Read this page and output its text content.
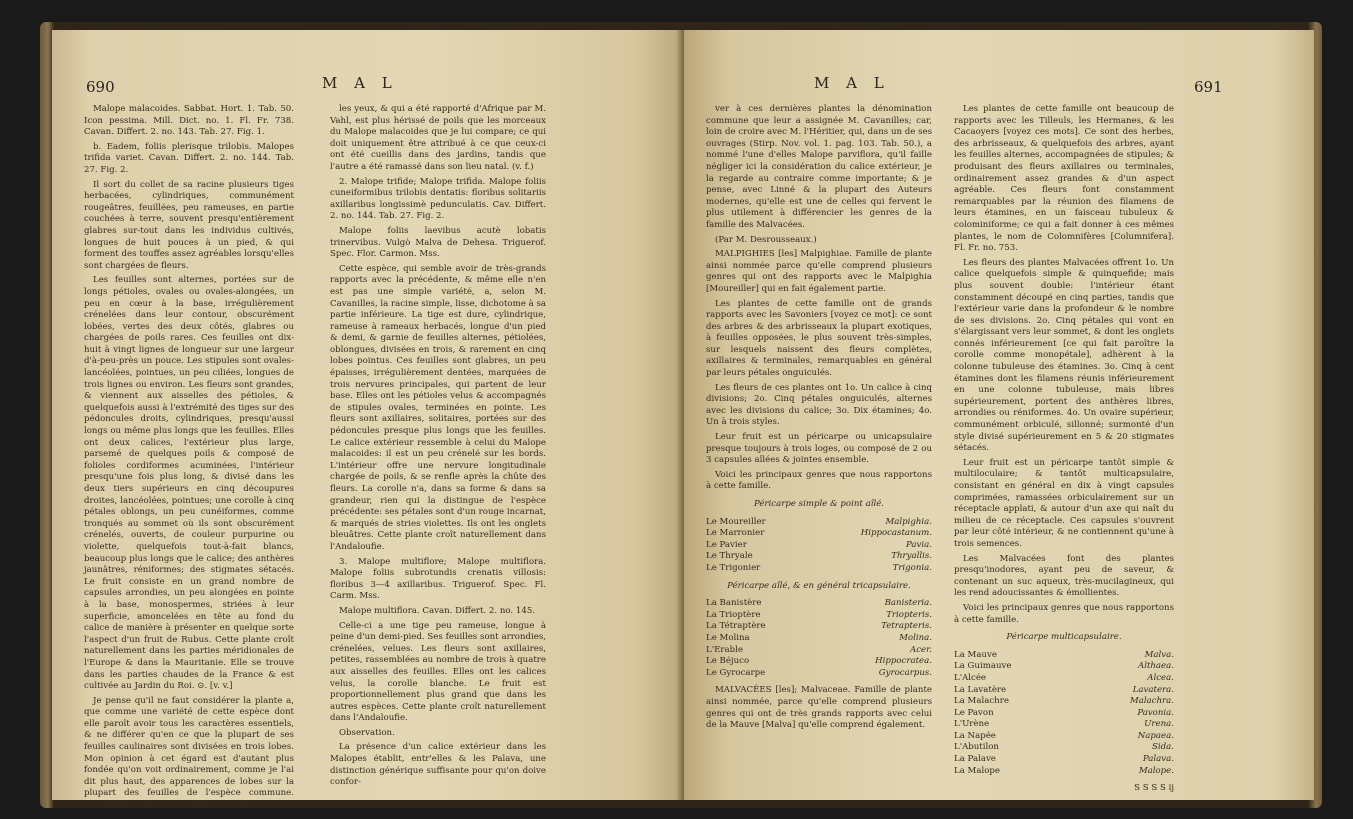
690	M A L

Malope malacoides. Sabbat. Hort. 1. Tab. 50. Icon pessima. Mill. Dict. no. 1. Fl. Fr. 738. Cavan. Differt. 2. no. 143. Tab. 27. Fig. 1.

b. Eadem, foliis plerisque trilobis. Malopes trifida variet. Cavan. Differt. 2. no. 144. Tab. 27. Fig. 2.

Il sort du collet de sa racine plusieurs tiges herbacées, cylindriques, communément rougeâtres, feuillées, peu rameuses, en partie couchées à terre, souvent presqu'entièrement glabres sur-tout dans les individus cultivés, longues de huit pouces à un pied, & qui forment des touffes assez agréables lorsqu'elles sont chargées de fleurs.

Les feuilles sont alternes, portées sur de longs pétioles, ovales ou ovales-alongées, un peu en cœur à la base, irrégulièrement crénelées dans leur contour, obscurément lobées, vertes des deux côtés, glabres ou chargées de poils rares. Ces feuilles ont dix-huit à vingt lignes de longueur sur une largeur d'à-peu-près un pouce. Les stipules sont ovales-lancéolées, pointues, un peu ciliées, longues de trois lignes ou environ. Les fleurs sont grandes, & viennent aux aisselles des pétioles, & quelquefois aussi à l'extrémité des tiges sur des pédoncules droits, cylindriques, presqu'aussi longs ou même plus longs que les feuilles. Elles ont deux calices, l'extérieur plus large, parsemé de quelques poils & composé de folioles cordiformes acuminées, l'intérieur presqu'une fois plus long, & divisé dans les deux tiers supérieurs en cinq découpures droites, lancéolées, pointues; une corolle à cinq pétales oblongs, un peu cunéiformes, comme tronqués au sommet où ils sont obscurément crénelés, ouverts, de couleur purpurine ou violette, quelquefois tout-à-fait blancs, beaucoup plus longs que le calice; des anthères jaunâtres, réniformes; des stigmates sétacés. Le fruit consiste en un grand nombre de capsules arrondies, un peu alongées en pointe à la base, monospermes, striées à leur superficie, amoncelées en tête au fond du calice de manière à présenter en quelque sorte l'aspect d'un fruit de Rubus. Cette plante croît naturellement dans les parties méridionales de l'Europe & dans la Mauritanie. Elle se trouve dans les parties chaudes de la France & est cultivée au Jardin du Roi. ⊙. [v. v.]

Je pense qu'il ne faut considérer la plante a, que comme une variété de cette espèce dont elle paroît avoir tous les caractères essentiels, & ne différer qu'en ce que la plupart de ses feuilles caulinaires sont divisées en trois lobes. Mon opinion à cet égard est d'autant plus fondée qu'on voit ordinairement, comme je l'ai dit plus haut, des apparences de lobes sur la plupart des feuilles de l'espèce commune. L'exemplaire de cette variété, que j'ai sous

les yeux, & qui a été rapporté d'Afrique par M. Vahl, est plus hérissé de poils que les morceaux du Malope malacoides que je lui compare; ce qui doit uniquement être attribué à ce que ceux-ci ont été cueillis dans des jardins, tandis que l'autre a été ramassé dans son lieu natal. (v. f.)

2. Malope trifide; Malope trifida. Malope foliis cuneiformibus trilobis dentatis: floribus solitariis axillaribus longissimè pedunculatis. Cav. Differt. 2. no. 144. Tab. 27. Fig. 2.

Malope foliis laevibus acutè lobatis trinervibus. Vulgò Malva de Dehesa. Triguerof. Spec. Flor. Carmon. Mss.

Cette espèce, qui semble avoir de très-grands rapports avec la précédente, & même elle n'en est pas une simple variété, a, selon M. Cavanilles, la racine simple, lisse, dichotome à sa partie inférieure. La tige est dure, cylindrique, rameuse à rameaux herbacés, longue d'un pied & demi, & garnie de feuilles alternes, pétiolées, oblongues, divisées en trois, & rarement en cinq lobes pointus. Ces feuilles sont glabres, un peu épaisses, irrégulièrement dentées, marquées de trois nervures principales, qui partent de leur base. Elles ont les pétioles velus & accompagnés de stipules ovales, terminées en pointe. Les fleurs sont axillaires, solitaires, portées sur des pédoncules presque plus longs que les feuilles. Le calice extérieur ressemble à celui du Malope malacoides: il est un peu crénelé sur les bords. L'intérieur offre une nervure longitudinale chargée de poils, & se renfle après la chûte des fleurs. La corolle n'a, dans sa forme & dans sa grandeur, rien qui la distingue de l'espèce précédente: ses pétales sont d'un rouge incarnat, & marqués de stries violettes. Ils ont les onglets bleuâtres. Cette plante croît naturellement dans l'Andaloufie.

3. Malope multiflore; Malope multiflora. Malope foliis subrotundis crenatis villosis: floribus 3—4 axillaribus. Triguerof. Spec. Fl. Carm. Mss.

Malope multiflora. Cavan. Differt. 2. no. 145.

Celle-ci a une tige peu rameuse, longue à peine d'un demi-pied. Ses feuilles sont arrondies, crénelées, velues. Les fleurs sont axillaires, petites, rassemblées au nombre de trois à quatre aux aisselles des feuilles. Elles ont les calices velus, la corolle blanche. Le fruit est proportionnellement plus grand que dans les autres espèces. Cette plante croît naturellement dans l'Andaloufie.

Observation.

La présence d'un calice extérieur dans les Malopes établit, entr'elles & les Palava, une distinction générique suffisante pour qu'on doive confor-

M A L	691

ver à ces dernières plantes la dénomination commune que leur a assignée M. Cavanilles; car, loin de croire avec M. l'Héritier, qui, dans un de ses ouvrages (Stirp. Nov. vol. 1. pag. 103. Tab. 50.), a nommé l'une d'elles Malope parviflora, qu'il faille négliger ici la considération du calice extérieur, je la regarde au contraire comme importante; & je pense, avec Linné & la plupart des Auteurs modernes, qu'elle est une de celles qui fervent le plus utilement à différencier les genres de la famille des Malvacées.

(Par M. Desrousseaux.)

MALPIGHIES [les] Malpighiae. Famille de plante ainsi nommée parce qu'elle comprend plusieurs genres qui ont des rapports avec le Malpighia [Moureiller] qui en fait également partie.

Les plantes de cette famille ont de grands rapports avec les Savoniers [voyez ce mot]: ce sont des arbres & des arbrisseaux la plupart exotiques, à feuilles opposées, le plus souvent très-simples, sur lesquels naissent des fleurs complètes, axillaires & terminales, remarquables en général par leurs pétales onguiculés.

Les fleurs de ces plantes ont 1o. Un calice à cinq divisions; 2o. Cinq pétales onguiculés, alternes avec les divisions du calice; 3o. Dix étamines; 4o. Un à trois styles.

Leur fruit est un péricarpe ou unicapsulaire presque toujours à trois loges, ou composé de 2 ou 3 capsules aîlées & jointes ensemble.

Voici les principaux genres que nous rapportons à cette famille.

Péricarpe simple & point aîlé.

Le Moureiller	Malpighia.
Le Marronier	Hippocastanum.
Le Pavier	Pavia.
Le Thryale	Thryallis.
Le Trigonier	Trigonia.

Péricarpe aîlé, & en général tricapsulaire.

La Banistère	Banisteria.
La Trioptère	Triopteris.
La Tétraptère	Tetrapteris.
Le Molina	Molina.
L'Erable	Acer.
Le Béjuco	Hippocratea.
Le Gyrocarpe	Gyrocarpus.

MALVACÉES [les]; Malvaceae. Famille de plante ainsi nommée, parce qu'elle comprend plusieurs genres qui ont de très grands rapports avec celui de la Mauve [Malva] qu'elle comprend également.

Les plantes de cette famille ont beaucoup de rapports avec les Tilleuls, les Hermanes, & les Cacaoyers [voyez ces mots]. Ce sont des herbes, des arbrisseaux, & quelquefois des arbres, ayant les feuilles alternes, accompagnées de stipules; & produisant des fleurs axillaires ou terminales, ordinairement assez grandes & d'un aspect agréable. Ces fleurs font constamment remarquables par la réunion des filamens de leurs étamines, en un faisceau tubuleux & colominiforme; ce qui a fait donner à ces mêmes plantes, le nom de Colomnifères [Columnifera]. Fl. Fr. no. 753.

Les fleurs des plantes Malvacées offrent 1o. Un calice quelquefois simple & quinquefide; mais plus souvent double: l'intérieur étant constamment découpé en cinq parties, tandis que l'extérieur varie dans la profondeur & le nombre de ses divisions. 2o. Cinq pétales qui vont en s'élargissant vers leur sommet, & dont les onglets connés inférieurement [ce qui fait paroître la corolle comme monopétale], adhèrent à la colonne tubuleuse des étamines. 3o. Cinq à cent étamines dont les filamens réunis inférieurement en une colonne tubuleuse, mais libres supérieurement, portent des anthères libres, arrondies ou réniformes. 4o. Un ovaire supérieur, communément orbiculé, sillonné; surmonté d'un style divisé supérieurement en 5 & 20 stigmates sétacés.

Leur fruit est un péricarpe tantôt simple & multiloculaire; & tantôt multicapsulaire, consistant en général en dix à vingt capsules comprimées, ramassées orbiculairement sur un réceptacle applati, & autour d'un axe qui naît du milieu de ce réceptacle. Ces capsules s'ouvrent par leur côté intérieur, & ne contiennent qu'une à trois semences.

Les Malvacées font des plantes presqu'inodores, ayant peu de saveur, & contenant un suc aqueux, très-mucilagineux, qui les rend adoucissantes & émollientes.

Voici les principaux genres que nous rapportons à cette famille.

Péricarpe multicapsulaire.

La Mauve	Malva.
La Guimauve	Althaea.
L'Alcée	Alcea.
La Lavatère	Lavatera.
La Malachre	Malachra.
Le Pavon	Pavonia.
L'Urène	Urena.
La Napée	Napaea.
L'Abutilon	Sida.
La Palave	Palava.
La Malope	Malope.
S S S S ij
